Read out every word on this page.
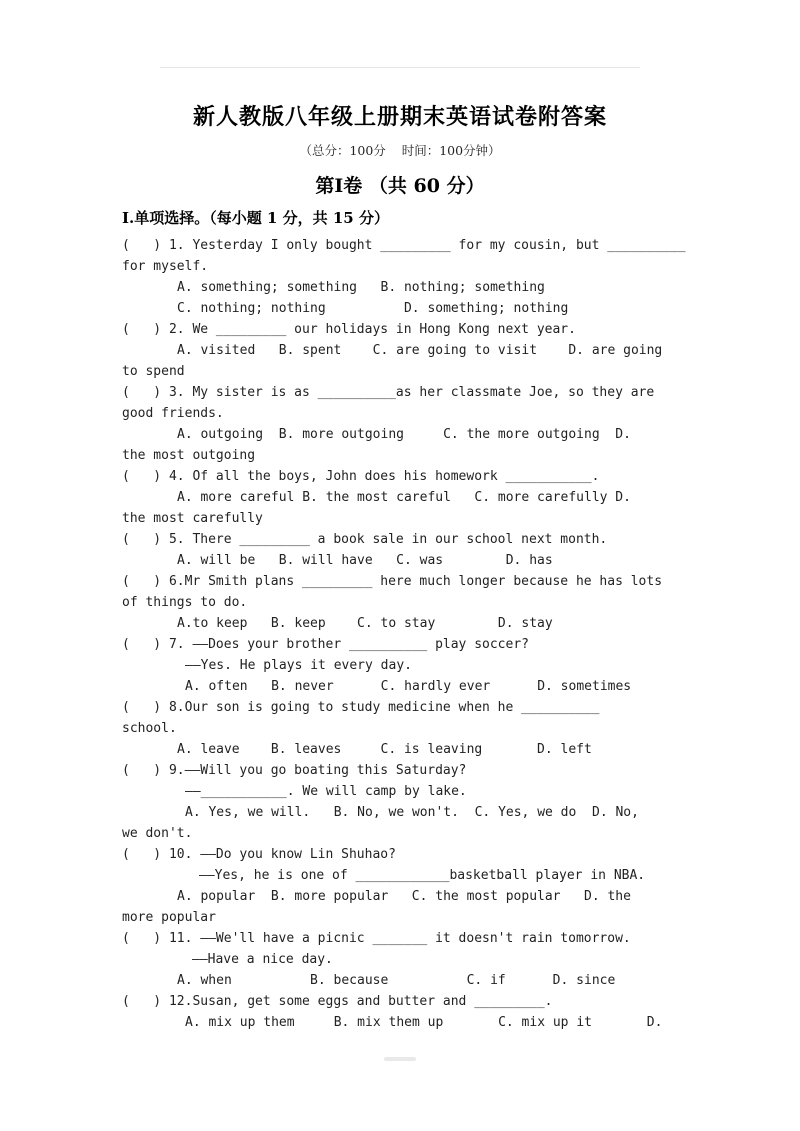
新人教版八年级上册期末英语试卷附答案
（总分：100分    时间：100分钟）
第Ⅰ卷 （共 60 分）
Ⅰ.单项选择。（每小题 1 分，共 15 分）
(   ) 1. Yesterday I only bought _________ for my cousin, but __________
for myself.
A. something; something   B. nothing; something
C. nothing; nothing          D. something; nothing
(   ) 2. We _________ our holidays in Hong Kong next year.
A. visited   B. spent    C. are going to visit    D. are going
to spend
(   ) 3. My sister is as __________as her classmate Joe, so they are
good friends.
A. outgoing  B. more outgoing     C. the more outgoing  D.
the most outgoing
(   ) 4. Of all the boys, John does his homework ___________.
A. more careful B. the most careful   C. more carefully D.
the most carefully
(   ) 5. There _________ a book sale in our school next month.
A. will be   B. will have   C. was        D. has
(   ) 6.Mr Smith plans _________ here much longer because he has lots
of things to do.
A.to keep   B. keep    C. to stay        D. stay
(   ) 7. ——Does your brother __________ play soccer?
——Yes. He plays it every day.
A. often   B. never      C. hardly ever      D. sometimes
(   ) 8.Our son is going to study medicine when he __________
school.
A. leave    B. leaves     C. is leaving       D. left
(   ) 9.——Will you go boating this Saturday?
——___________. We will camp by lake.
A. Yes, we will.   B. No, we won't.  C. Yes, we do  D. No,
we don't.
(   ) 10. ——Do you know Lin Shuhao?
——Yes, he is one of ____________basketball player in NBA.
A. popular  B. more popular   C. the most popular   D. the
more popular
(   ) 11. ——We'll have a picnic _______ it doesn't rain tomorrow.
——Have a nice day.
A. when          B. because          C. if      D. since
(   ) 12.Susan, get some eggs and butter and _________.
A. mix up them     B. mix them up       C. mix up it       D.
